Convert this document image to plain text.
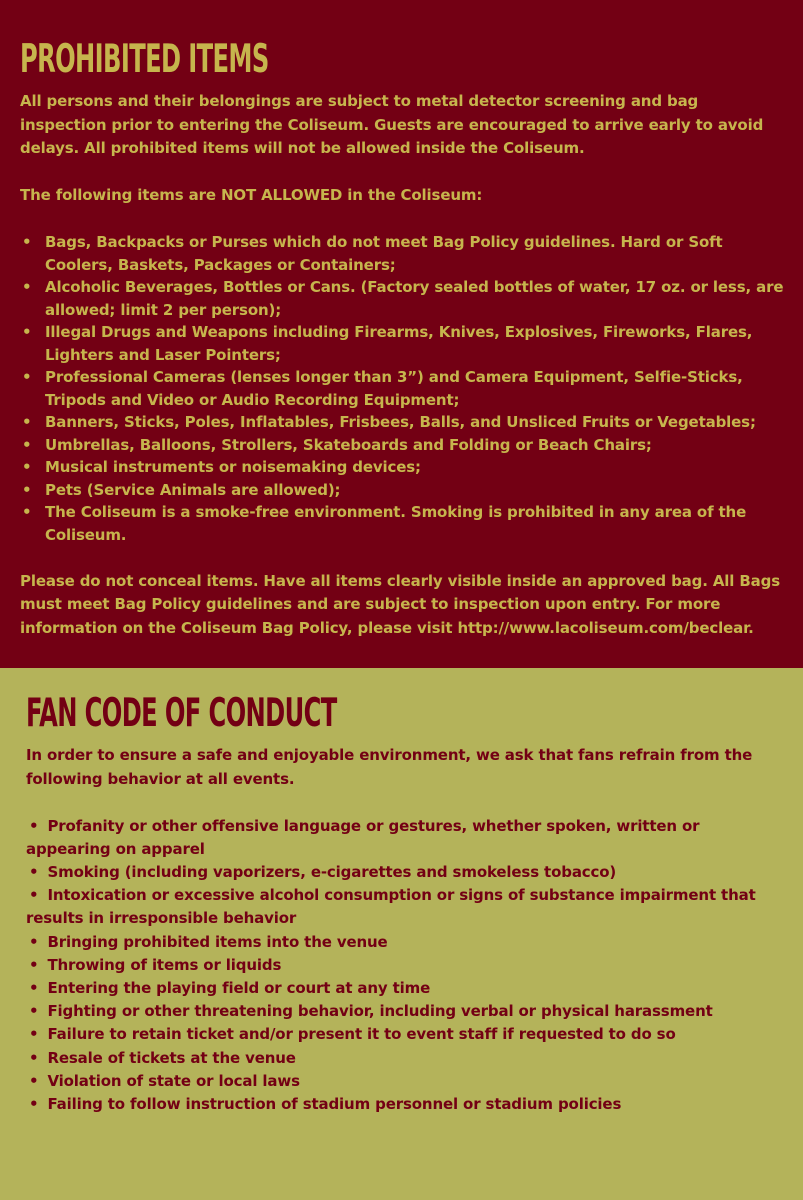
PROHIBITED ITEMS

All persons and their belongings are subject to metal detector screening and bag inspection prior to entering the Coliseum. Guests are encouraged to arrive early to avoid delays. All prohibited items will not be allowed inside the Coliseum.

The following items are NOT ALLOWED in the Coliseum:

• Bags, Backpacks or Purses which do not meet Bag Policy guidelines. Hard or Soft Coolers, Baskets, Packages or Containers;
• Alcoholic Beverages, Bottles or Cans. (Factory sealed bottles of water, 17 oz. or less, are allowed; limit 2 per person);
• Illegal Drugs and Weapons including Firearms, Knives, Explosives, Fireworks, Flares, Lighters and Laser Pointers;
• Professional Cameras (lenses longer than 3”) and Camera Equipment, Selfie-Sticks, Tripods and Video or Audio Recording Equipment;
• Banners, Sticks, Poles, Inflatables, Frisbees, Balls, and Unsliced Fruits or Vegetables;
• Umbrellas, Balloons, Strollers, Skateboards and Folding or Beach Chairs;
• Musical instruments or noisemaking devices;
• Pets (Service Animals are allowed);
• The Coliseum is a smoke-free environment. Smoking is prohibited in any area of the Coliseum.

Please do not conceal items. Have all items clearly visible inside an approved bag. All Bags must meet Bag Policy guidelines and are subject to inspection upon entry. For more information on the Coliseum Bag Policy, please visit http://www.lacoliseum.com/beclear.

FAN CODE OF CONDUCT

In order to ensure a safe and enjoyable environment, we ask that fans refrain from the following behavior at all events.

• Profanity or other offensive language or gestures, whether spoken, written or appearing on apparel
• Smoking (including vaporizers, e-cigarettes and smokeless tobacco)
• Intoxication or excessive alcohol consumption or signs of substance impairment that results in irresponsible behavior
• Bringing prohibited items into the venue
• Throwing of items or liquids
• Entering the playing field or court at any time
• Fighting or other threatening behavior, including verbal or physical harassment
• Failure to retain ticket and/or present it to event staff if requested to do so
• Resale of tickets at the venue
• Violation of state or local laws
• Failing to follow instruction of stadium personnel or stadium policies
